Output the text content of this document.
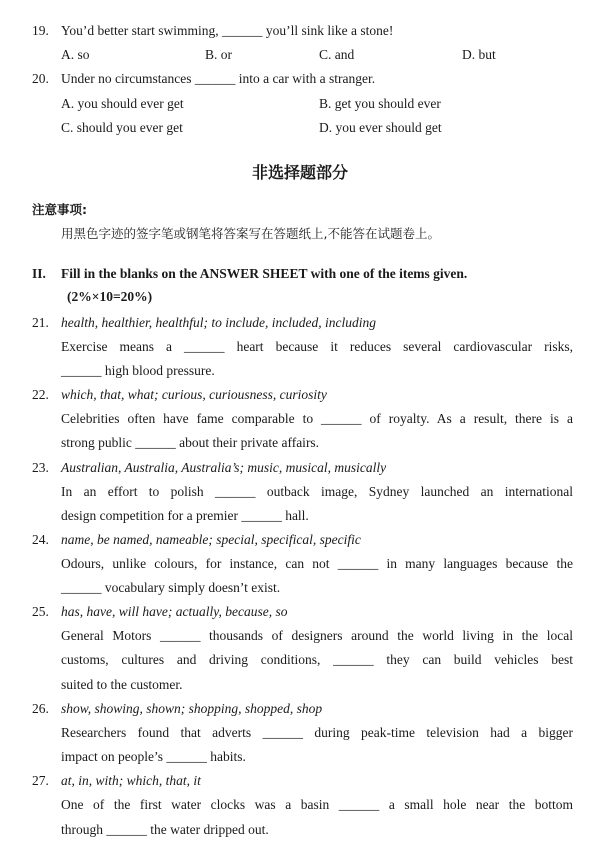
19. You’d better start swimming, ______ you’ll sink like a stone!
A. so	B. or	C. and	D. but
20. Under no circumstances ______ into a car with a stranger.
A. you should ever get	B. get you should ever
C. should you ever get	D. you ever should get
非选择题部分
注意事项:
用黑色字迹的签字笔或钢笔将答案写在答题纸上,不能答在试题卷上。
II. Fill in the blanks on the ANSWER SHEET with one of the items given.
(2%×10=20%)
21. health, healthier, healthful; to include, included, including
Exercise means a ______ heart because it reduces several cardiovascular risks,
______ high blood pressure.
22. which, that, what; curious, curiousness, curiosity
Celebrities often have fame comparable to ______ of royalty. As a result, there is a
strong public ______ about their private affairs.
23. Australian, Australia, Australia’s; music, musical, musically
In an effort to polish ______ outback image, Sydney launched an international
design competition for a premier ______ hall.
24. name, be named, nameable; special, specifical, specific
Odours, unlike colours, for instance, can not ______ in many languages because the
______ vocabulary simply doesn’t exist.
25. has, have, will have; actually, because, so
General Motors ______ thousands of designers around the world living in the local
customs, cultures and driving conditions, ______ they can build vehicles best
suited to the customer.
26. show, showing, shown; shopping, shopped, shop
Researchers found that adverts ______ during peak-time television had a bigger
impact on people’s ______ habits.
27. at, in, with; which, that, it
One of the first water clocks was a basin ______ a small hole near the bottom
through ______ the water dripped out.
